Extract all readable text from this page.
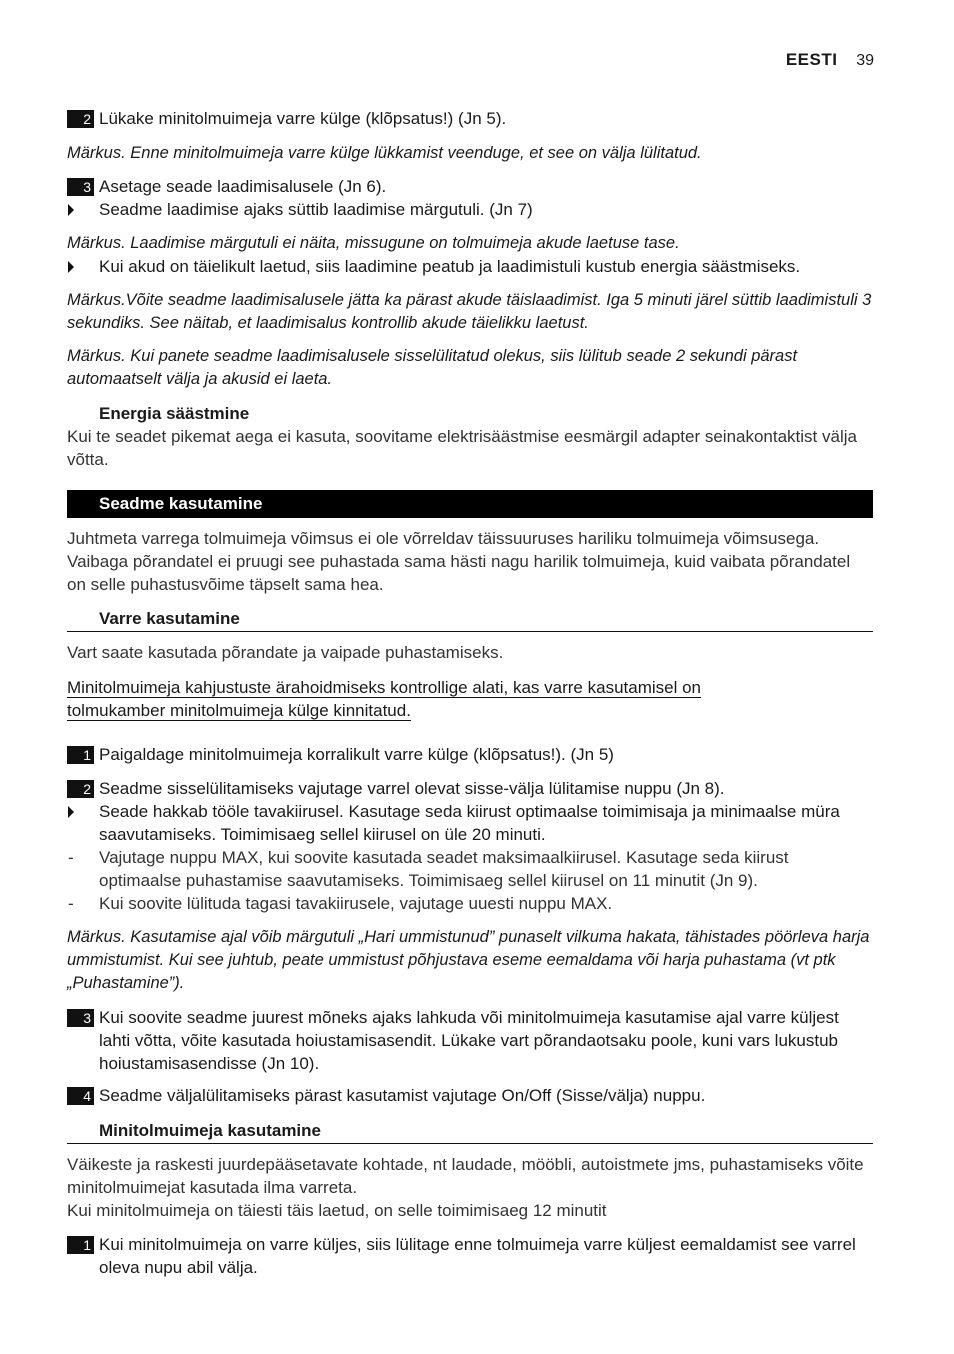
EESTI 39
2 Lükake minitolmuimeja varre külge (klõpsatus!) (Jn 5).
Märkus. Enne minitolmuimeja varre külge lükkamist veenduge, et see on välja lülitatud.
3 Asetage seade laadimisalusele (Jn 6).
Seadme laadimise ajaks süttib laadimise märgutuli. (Jn 7)
Märkus. Laadimise märgutuli ei näita, missugune on tolmuimeja akude laetuse tase.
Kui akud on täielikult laetud, siis laadimine peatub ja laadimistuli kustub energia säästmiseks.
Märkus.Võite seadme laadimisalusele jätta ka pärast akude täislaadimist. Iga 5 minuti järel süttib laadimistuli 3 sekundiks. See näitab, et laadimisalus kontrollib akude täielikku laetust.
Märkus. Kui panete seadme laadimisalusele sisselülitatud olekus, siis lülitub seade 2 sekundi pärast automaatselt välja ja akusid ei laeta.
Energia säästmine
Kui te seadet pikemat aega ei kasuta, soovitame elektrisäästmise eesmärgil adapter seinakontaktist välja võtta.
Seadme kasutamine
Juhtmeta varrega tolmuimeja võimsus ei ole võrreldav täissuuruses hariliku tolmuimeja võimsusega. Vaibaga põrandatel ei pruugi see puhastada sama hästi nagu harilik tolmuimeja, kuid vaibata põrandatel on selle puhastusvõime täpselt sama hea.
Varre kasutamine
Vart saate kasutada põrandate ja vaipade puhastamiseks.
Minitolmuimeja kahjustuste ärahoidmiseks kontrollige alati, kas varre kasutamisel on
tolmukamber minitolmuimeja külge kinnitatud.
1 Paigaldage minitolmuimeja korralikult varre külge (klõpsatus!). (Jn 5)
2 Seadme sisselülitamiseks vajutage varrel olevat sisse-välja lülitamise nuppu (Jn 8).
Seade hakkab tööle tavakiirusel. Kasutage seda kiirust optimaalse toimimisaja ja minimaalse müra saavutamiseks. Toimimisaeg sellel kiirusel on üle 20 minuti.
- Vajutage nuppu MAX, kui soovite kasutada seadet maksimaalkiirusel. Kasutage seda kiirust optimaalse puhastamise saavutamiseks. Toimimisaeg sellel kiirusel on 11 minutit (Jn 9).
- Kui soovite lülituda tagasi tavakiirusele, vajutage uuesti nuppu MAX.
Märkus. Kasutamise ajal võib märgutuli „Hari ummistunud” punaselt vilkuma hakata, tähistades pöörleva harja ummistumist. Kui see juhtub, peate ummistust põhjustava eseme eemaldama või harja puhastama (vt ptk „Puhastamine”).
3 Kui soovite seadme juurest mõneks ajaks lahkuda või minitolmuimeja kasutamise ajal varre küljest lahti võtta, võite kasutada hoiustamisasendit. Lükake vart põrandaotsaku poole, kuni vars lukustub hoiustamisasendisse (Jn 10).
4 Seadme väljalülitamiseks pärast kasutamist vajutage On/Off (Sisse/välja) nuppu.
Minitolmuimeja kasutamine
Väikeste ja raskesti juurdepääsetavate kohtade, nt laudade, mööbli, autoistmete jms, puhastamiseks võite minitolmuimejat kasutada ilma varreta.
Kui minitolmuimeja on täiesti täis laetud, on selle toimimisaeg 12 minutit
1 Kui minitolmuimeja on varre küljes, siis lülitage enne tolmuimeja varre küljest eemaldamist see varrel oleva nupu abil välja.
